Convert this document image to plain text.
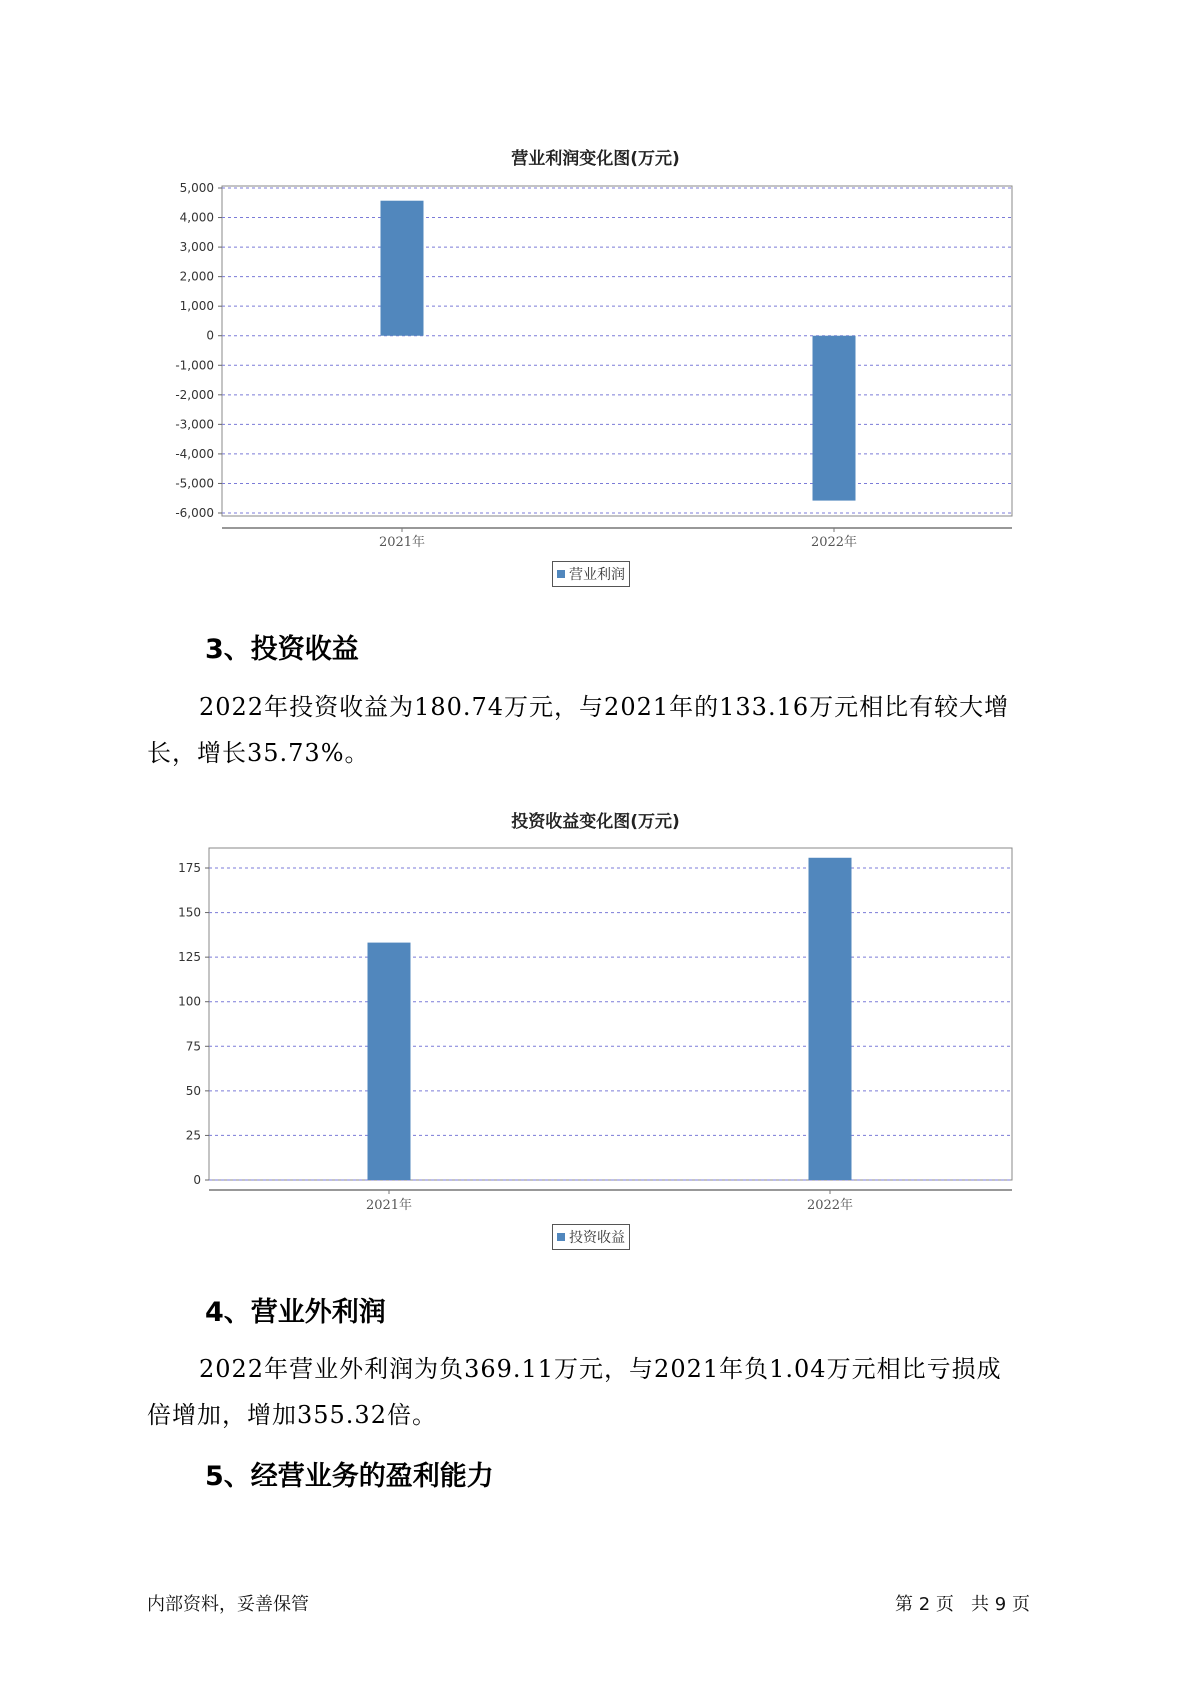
营业利润变化图(万元)
5,000
4,000
3,000
2,000
1,000
0
-1,000
-2,000
-3,000
-4,000
-5,000
-6,000
2021年	2022年
营业利润
3、投资收益
2022年投资收益为180.74万元，与2021年的133.16万元相比有较大增
长，增长35.73%。
投资收益变化图(万元)
175
150
125
100
75
50
25
0
2021年	2022年
投资收益
4、营业外利润
2022年营业外利润为负369.11万元，与2021年负1.04万元相比亏损成
倍增加，增加355.32倍。
5、经营业务的盈利能力
内部资料，妥善保管	第 2 页   共 9 页
